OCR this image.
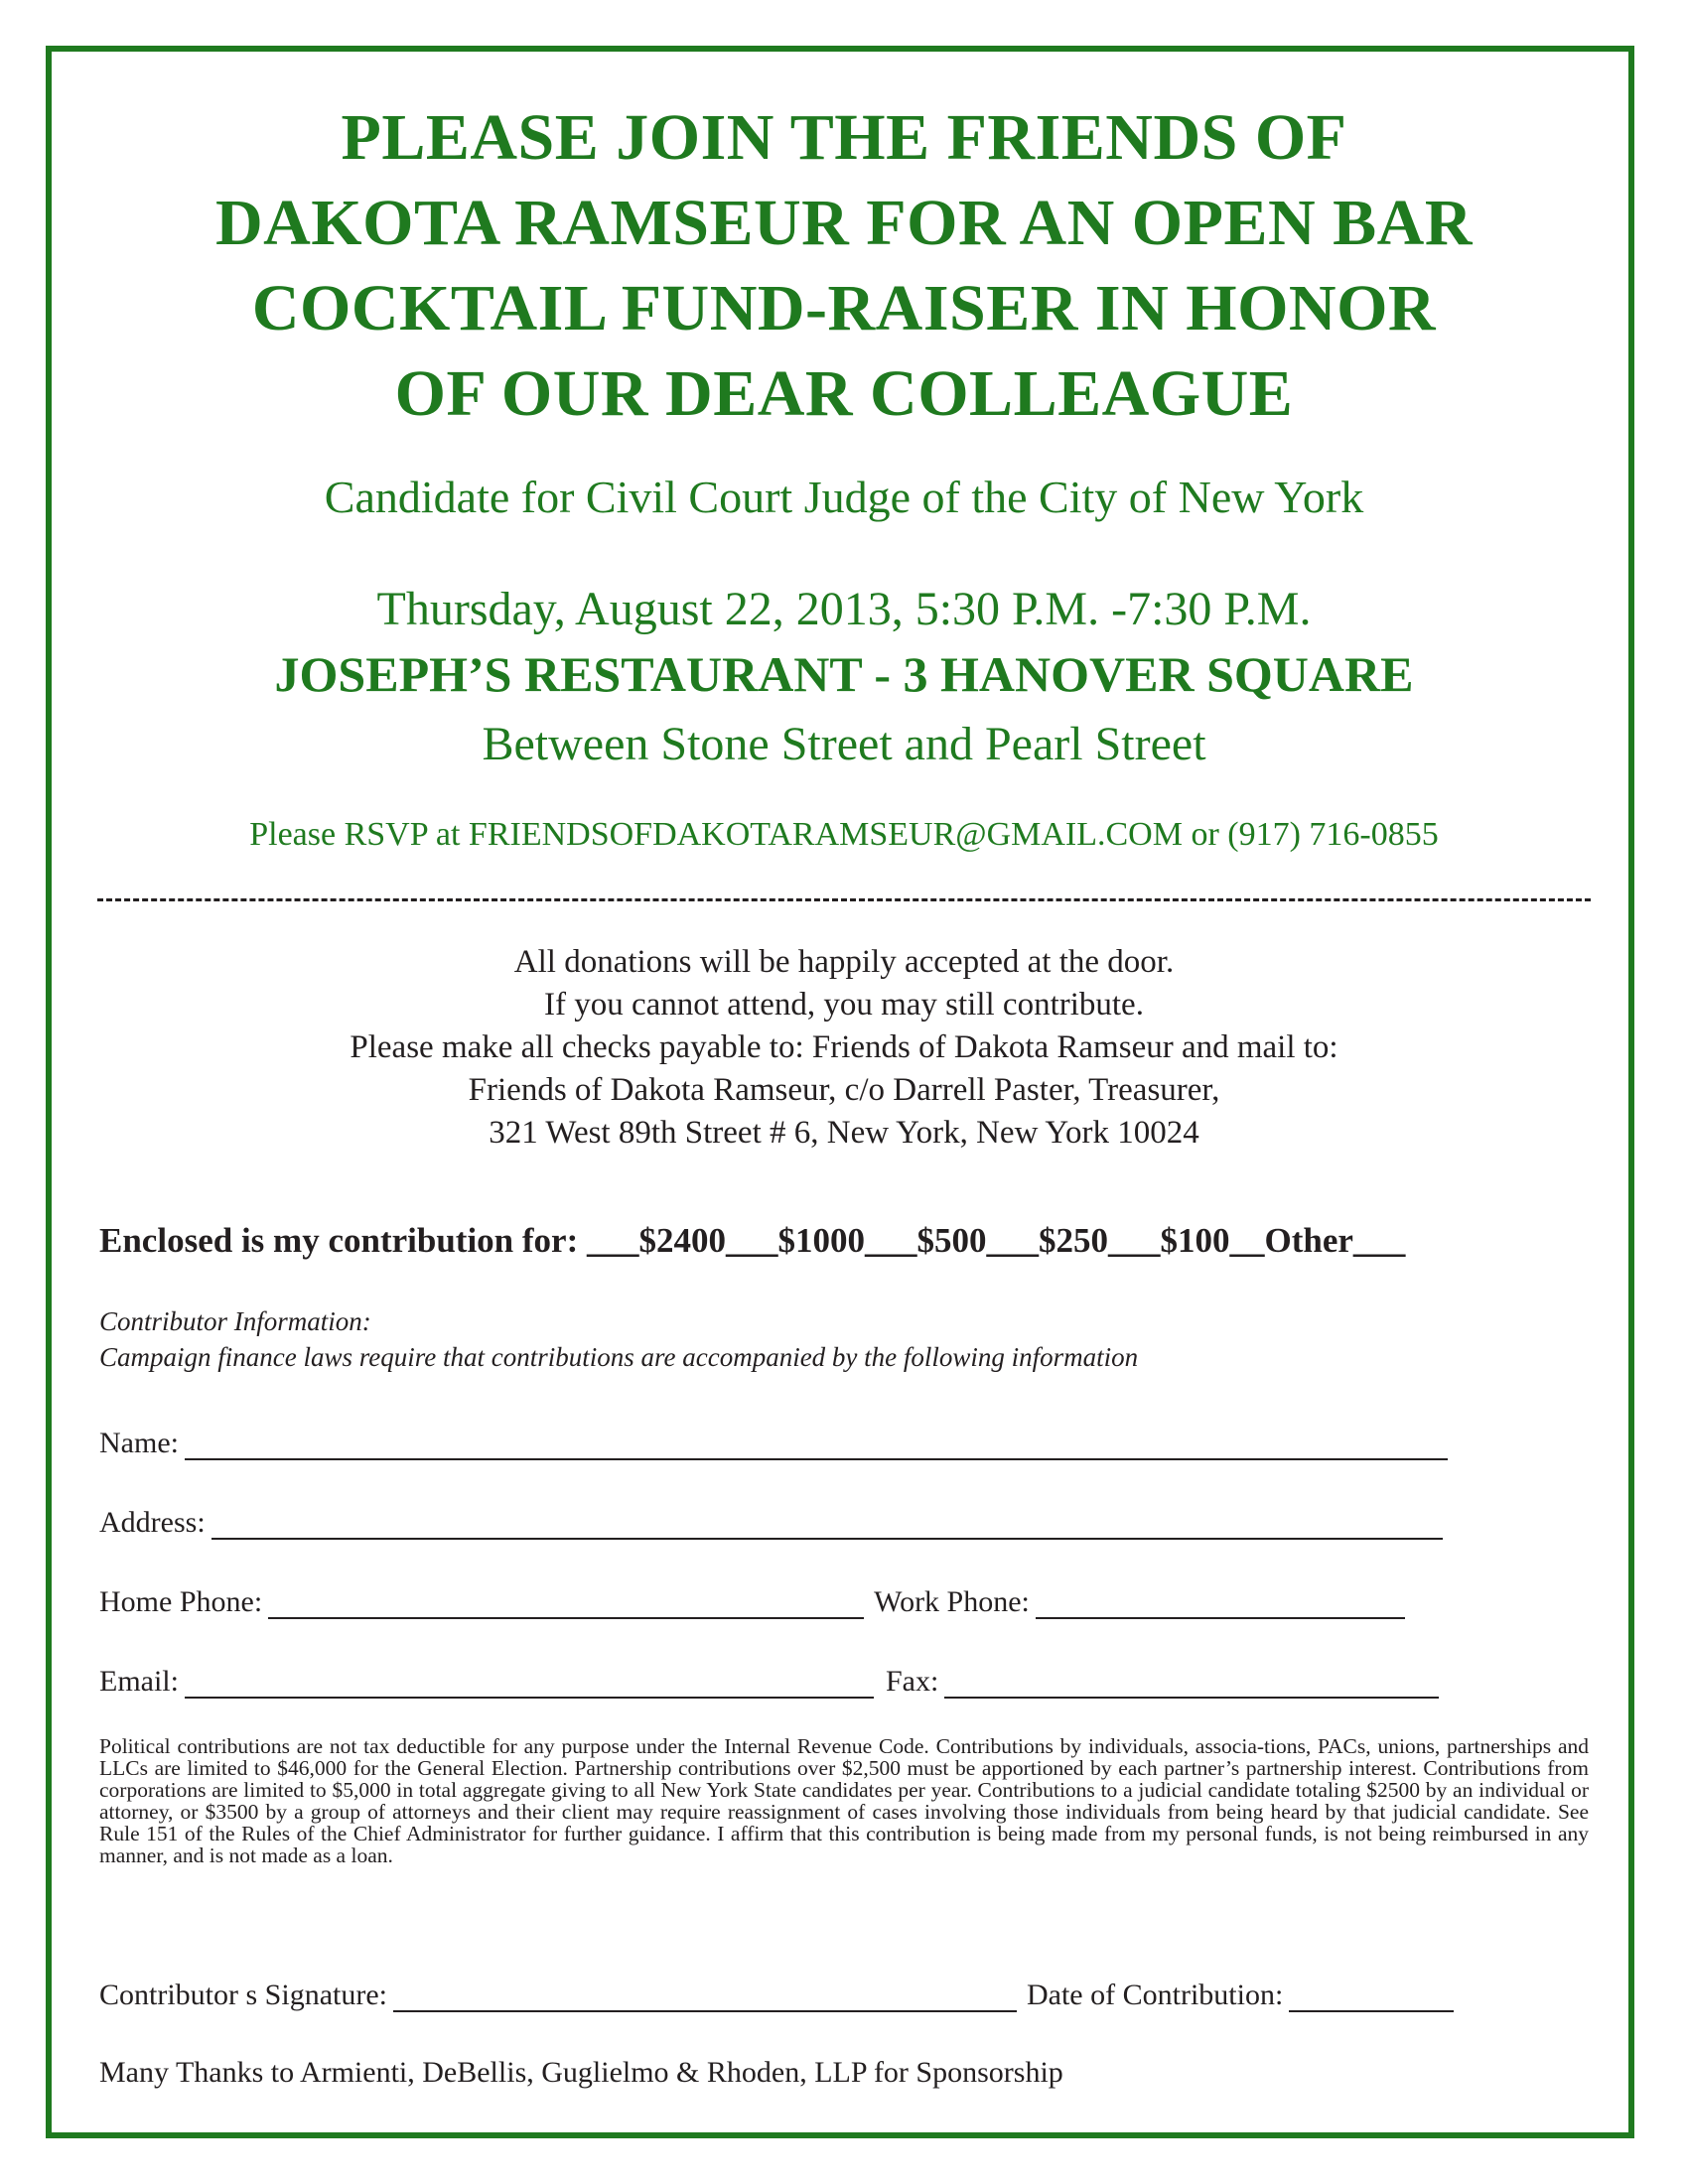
PLEASE JOIN THE FRIENDS OF
DAKOTA RAMSEUR FOR AN OPEN BAR
COCKTAIL FUND-RAISER IN HONOR
OF OUR DEAR COLLEAGUE
Candidate for Civil Court Judge of the City of New York
Thursday, August 22, 2013, 5:30 P.M. -7:30 P.M.
JOSEPH’S RESTAURANT - 3 HANOVER SQUARE
Between Stone Street and Pearl Street
Please RSVP at FRIENDSOFDAKOTARAMSEUR@GMAIL.COM or (917) 716-0855
All donations will be happily accepted at the door.
If you cannot attend, you may still contribute.
Please make all checks payable to: Friends of Dakota Ramseur and mail to:
Friends of Dakota Ramseur, c/o Darrell Paster, Treasurer,
321 West 89th Street # 6, New York, New York 10024
Enclosed is my contribution for: ___$2400___$1000___$500___$250___$100__Other___
Contributor Information:
Campaign finance laws require that contributions are accompanied by the following information
Name:
Address:
Home Phone:	Work Phone:
Email:	Fax:
Political contributions are not tax deductible for any purpose under the Internal Revenue Code. Contributions by individuals, associa-tions, PACs, unions, partnerships and LLCs are limited to $46,000 for the General Election. Partnership contributions over $2,500 must be apportioned by each partner’s partnership interest. Contributions from corporations are limited to $5,000 in total aggregate giving to all New York State candidates per year. Contributions to a judicial candidate totaling $2500 by an individual or attorney, or $3500 by a group of attorneys and their client may require reassignment of cases involving those individuals from being heard by that judicial candidate. See Rule 151 of the Rules of the Chief Administrator for further guidance. I affirm that this contribution is being made from my personal funds, is not being reimbursed in any manner, and is not made as a loan.
Contributor s Signature:	Date of Contribution:
Many Thanks to Armienti, DeBellis, Guglielmo & Rhoden, LLP for Sponsorship
